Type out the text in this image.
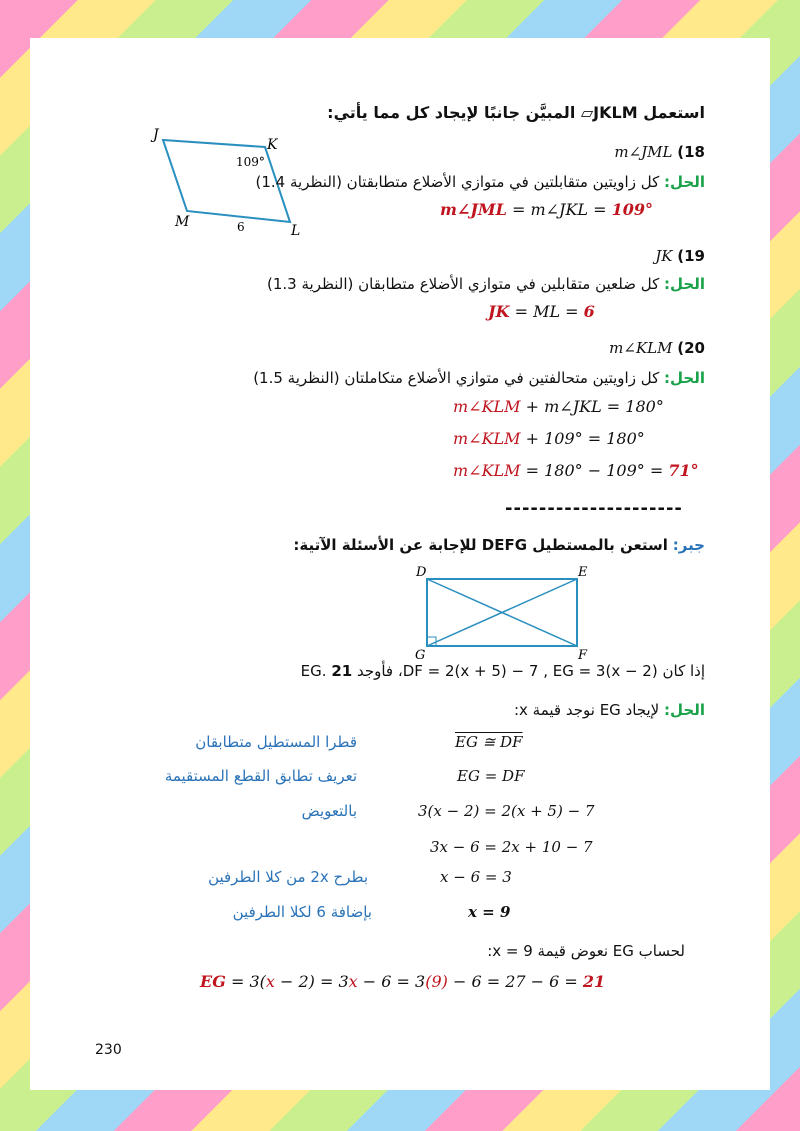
استعمل JKLM▱ المبيَّن جانبًا لإيجاد كل مما يأتي:
J
K
L
M
109°
6
m∠JML (18
الحل: كل زاويتين متقابلتين في متوازي الأضلاع متطابقتان (النظرية 1.4)
m∠JML = m∠JKL = 109°
JK (19
الحل: كل ضلعين متقابلين في متوازي الأضلاع متطابقان (النظرية 1.3)
JK = ML = 6
m∠KLM (20
الحل: كل زاويتين متحالفتين في متوازي الأضلاع متكاملتان (النظرية 1.5)
m∠KLM + m∠JKL = 180°
m∠KLM + 109° = 180°
m∠KLM = 180° − 109° = 71°
---------------------
جبر: استعن بالمستطيل DEFG للإجابة عن الأسئلة الآتية:
D	E
F
G
إذا كان DF = 2(x + 5) − 7 , EG = 3(x − 2)، فأوجد EG. 21
الحل: لإيجاد EG نوجد قيمة x:
EG ≅ DF
قطرا المستطيل متطابقان
EG = DF
تعريف تطابق القطع المستقيمة
3(x − 2) = 2(x + 5) − 7
بالتعويض
3x − 6 = 2x + 10 − 7
x − 6 = 3
بطرح 2x من كلا الطرفين
x = 9
بإضافة 6 لكلا الطرفين
لحساب EG نعوض قيمة x = 9:
EG = 3(x − 2) = 3x − 6 = 3(9) − 6 = 27 − 6 = 21
230
